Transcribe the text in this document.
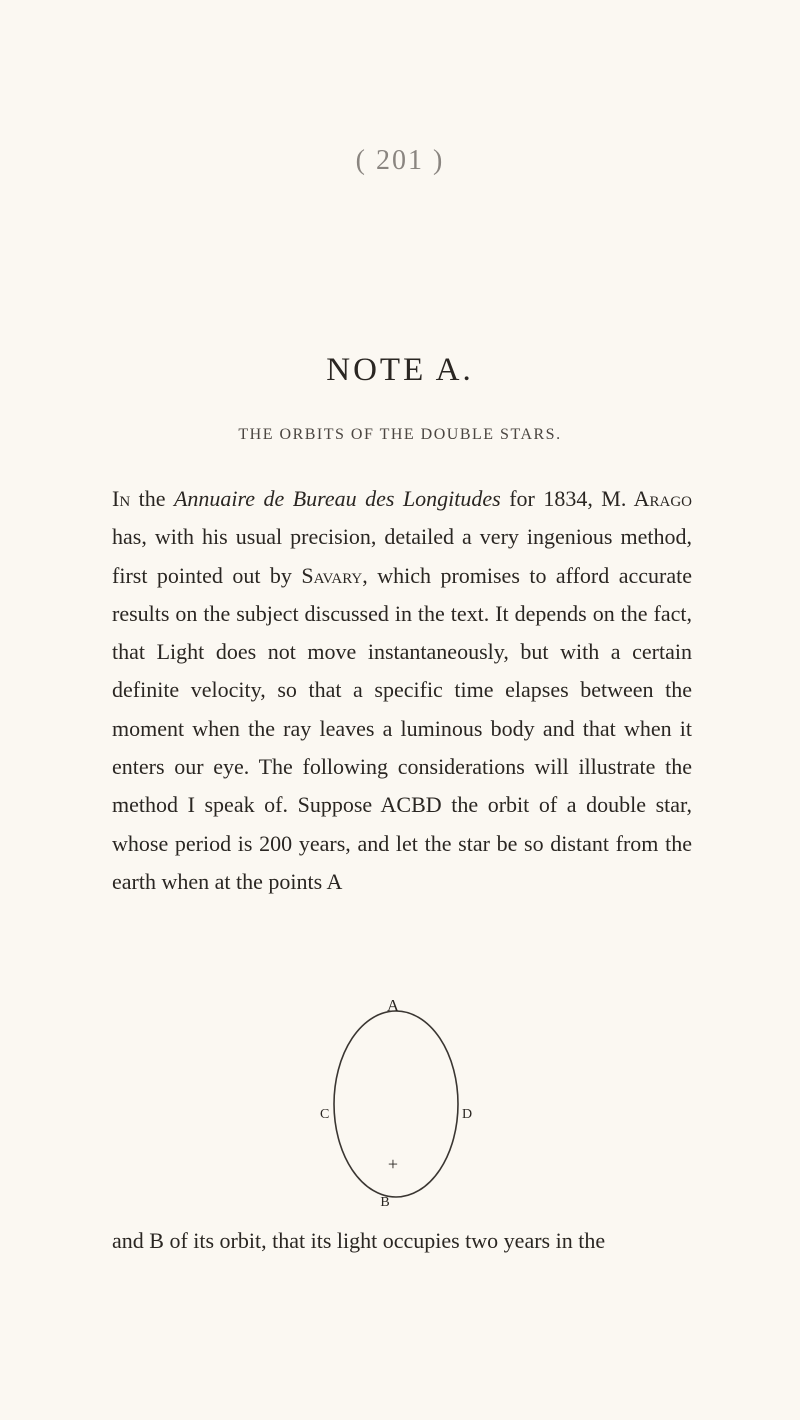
( 201 )
NOTE A.
THE ORBITS OF THE DOUBLE STARS.
In the Annuaire de Bureau des Longitudes for 1834, M. Arago has, with his usual precision, detailed a very ingenious method, first pointed out by Savary, which promises to afford accurate results on the subject discussed in the text. It depends on the fact, that Light does not move instantaneously, but with a certain definite velocity, so that a specific time elapses between the moment when the ray leaves a luminous body and that when it enters our eye. The following considerations will illustrate the method I speak of. Suppose ACBD the orbit of a double star, whose period is 200 years, and let the star be so distant from the earth when at the points A
A
B
C	D
+
and B of its orbit, that its light occupies two years in the
